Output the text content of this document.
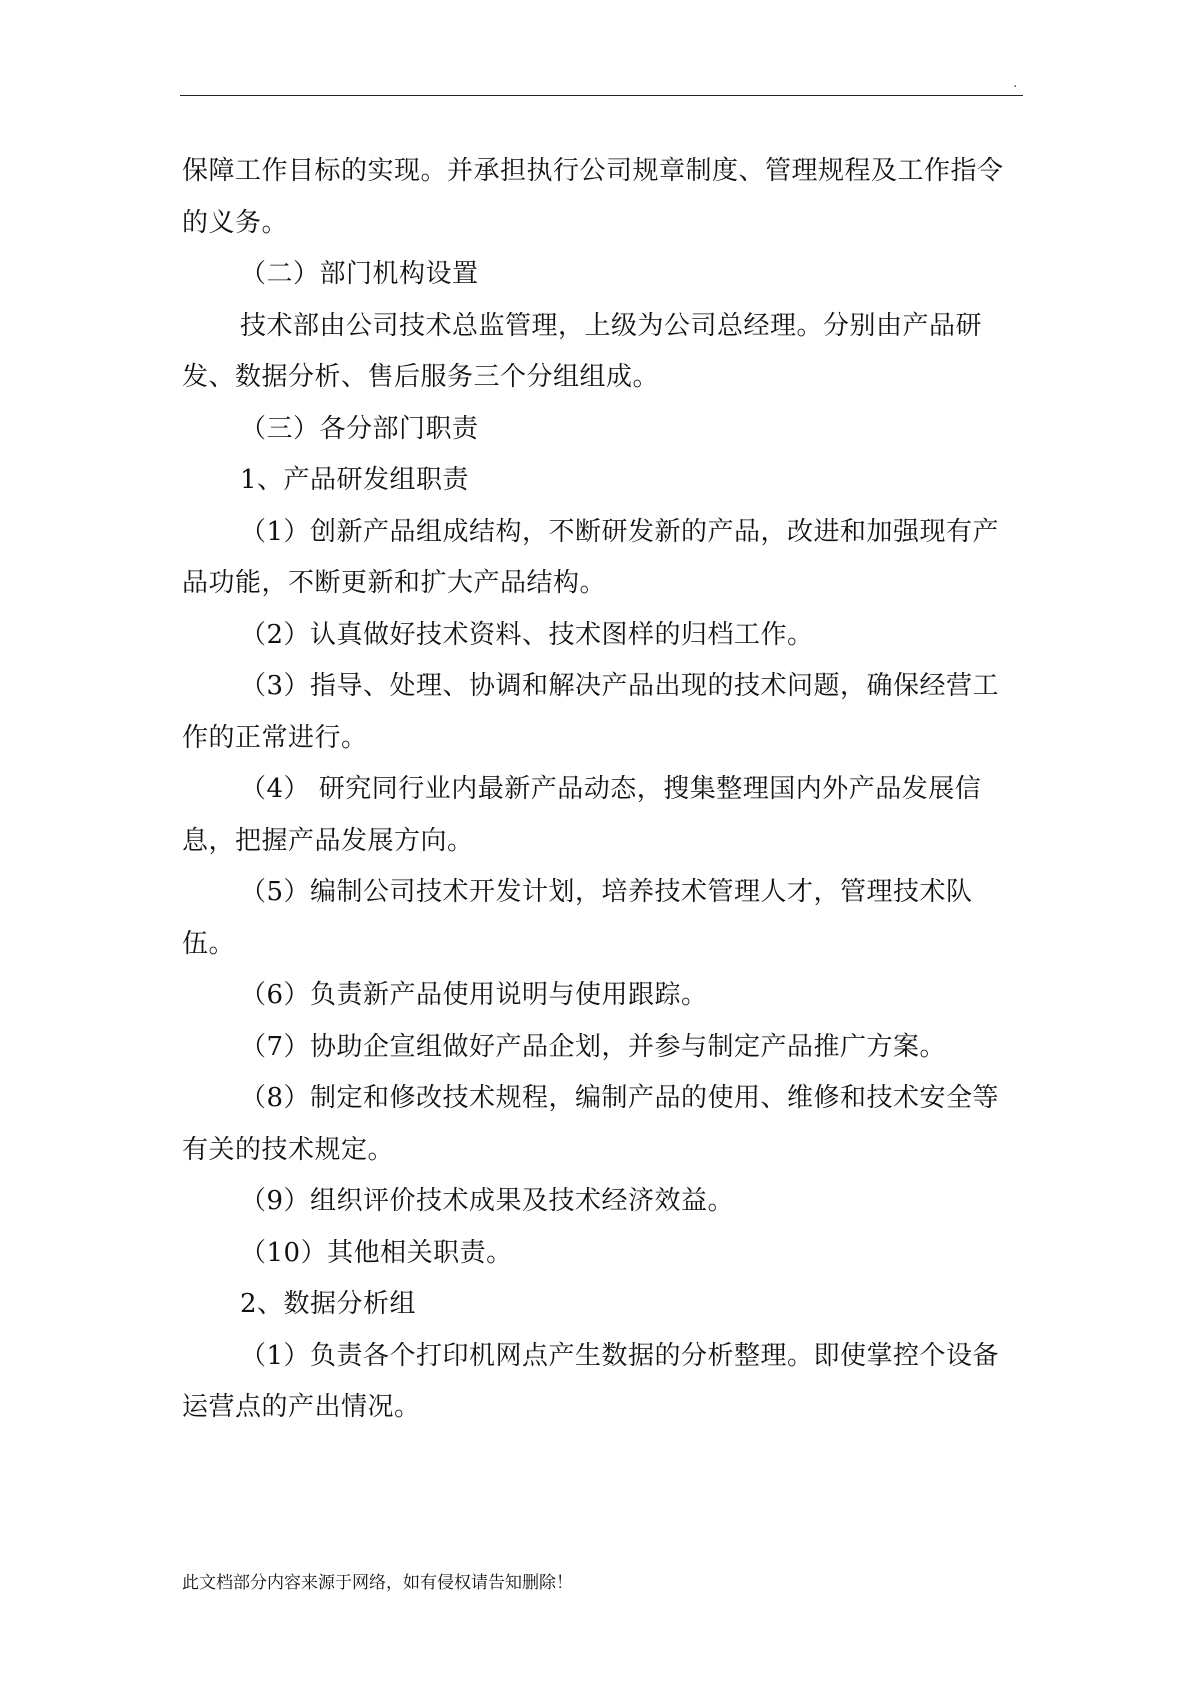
.

保障工作目标的实现。并承担执行公司规章制度、管理规程及工作指令的义务。

（二）部门机构设置

技术部由公司技术总监管理，上级为公司总经理。分别由产品研发、数据分析、售后服务三个分组组成。

（三）各分部门职责

1、产品研发组职责

（1）创新产品组成结构，不断研发新的产品，改进和加强现有产品功能，不断更新和扩大产品结构。

（2）认真做好技术资料、技术图样的归档工作。

（3）指导、处理、协调和解决产品出现的技术问题，确保经营工作的正常进行。

（4） 研究同行业内最新产品动态，搜集整理国内外产品发展信息，把握产品发展方向。

（5）编制公司技术开发计划，培养技术管理人才，管理技术队伍。

（6）负责新产品使用说明与使用跟踪。

（7）协助企宣组做好产品企划，并参与制定产品推广方案。

（8）制定和修改技术规程，编制产品的使用、维修和技术安全等有关的技术规定。

（9）组织评价技术成果及技术经济效益。

（10）其他相关职责。

2、数据分析组

（1）负责各个打印机网点产生数据的分析整理。即使掌控个设备运营点的产出情况。

此文档部分内容来源于网络，如有侵权请告知删除！
